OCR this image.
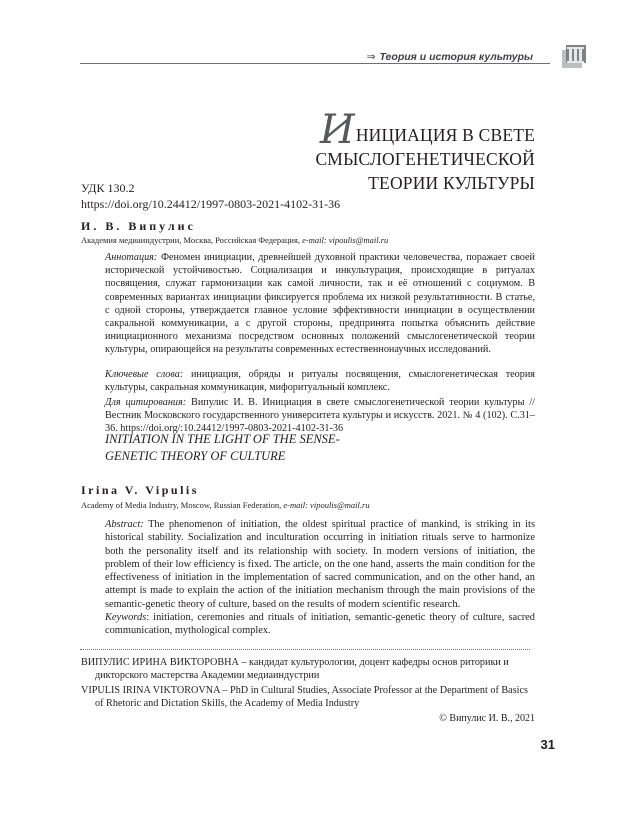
⇒ Теория и история культуры
ИНИЦИАЦИЯ В СВЕТЕ СМЫСЛОГЕНЕТИЧЕСКОЙ
ТЕОРИИ КУЛЬТУРЫ
УДК 130.2
https://doi.org/10.24412/1997-0803-2021-4102-31-36
И. В. Випулис
Академия медиаиндустрии, Москва, Российская Федерация, e-mail: vipoulis@mail.ru
Аннотация: Феномен инициации, древнейшей духовной практики человечества, поражает своей исторической устойчивостью. Социализация и инкультурация, происходящие в ритуалах посвящения, служат гармонизации как самой личности, так и её отношений с социумом. В современных вариантах инициации фиксируется проблема их низкой результативности. В статье, с одной стороны, утверждается главное условие эффективности инициации в осуществлении сакральной коммуникации, а с другой стороны, предпринята попытка объяснить действие инициационного механизма посредством основных положений смыслогенетической теории культуры, опирающейся на результаты современных естественнонаучных исследований.
Ключевые слова: инициация, обряды и ритуалы посвящения, смыслогенетическая теория культуры, сакральная коммуникация, мифоритуальный комплекс.
Для цитирования: Випулис И. В. Инициация в свете смыслогенетической теории культуры // Вестник Московского государственного университета культуры и искусств. 2021. № 4 (102). С.31–36. https://doi.org/:10.24412/1997-0803-2021-4102-31-36
INITIATION IN THE LIGHT OF THE SENSE-
GENETIC THEORY OF CULTURE
Irina V. Vipulis
Academy of Media Industry, Moscow, Russian Federation, e-mail: vipoulis@mail.ru
Abstract: The phenomenon of initiation, the oldest spiritual practice of mankind, is striking in its historical stability. Socialization and inculturation occurring in initiation rituals serve to harmonize both the personality itself and its relationship with society. In modern versions of initiation, the problem of their low efficiency is fixed. The article, on the one hand, asserts the main condition for the effectiveness of initiation in the implementation of sacred communication, and on the other hand, an attempt is made to explain the action of the initiation mechanism through the main provisions of the semantic-genetic theory of culture, based on the results of modern scientific research.
Keywords: initiation, ceremonies and rituals of initiation, semantic-genetic theory of culture, sacred communication, mythological complex.
ВИПУЛИС ИРИНА ВИКТОРОВНА – кандидат культурологии, доцент кафедры основ риторики и дикторского мастерства Академии медиаиндустрии
VIPULIS IRINA VIKTOROVNA – PhD in Cultural Studies, Associate Professor at the Department of Basics of Rhetoric and Dictation Skills, the Academy of Media Industry
© Випулис И. В., 2021
31
